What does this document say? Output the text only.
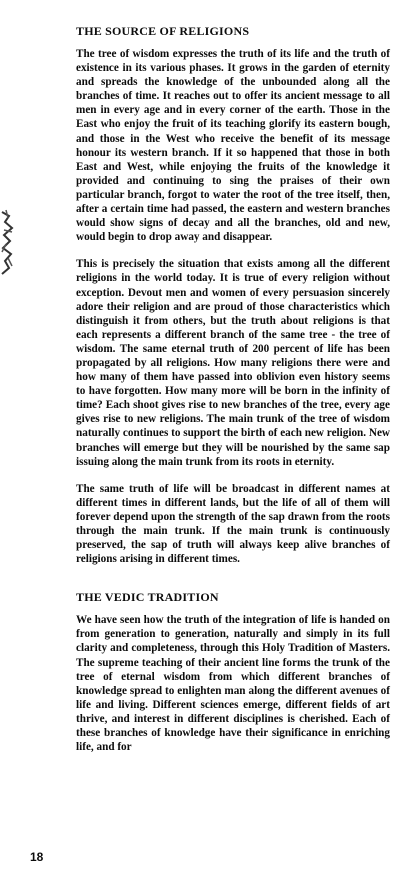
THE SOURCE OF RELIGIONS

The tree of wisdom expresses the truth of its life and the truth of existence in its various phases. It grows in the garden of eternity and spreads the knowledge of the unbounded along all the branches of time. It reaches out to offer its ancient message to all men in every age and in every corner of the earth. Those in the East who enjoy the fruit of its teaching glorify its eastern bough, and those in the West who receive the benefit of its message honour its western branch. If it so happened that those in both East and West, while enjoying the fruits of the knowledge it provided and continuing to sing the praises of their own particular branch, forgot to water the root of the tree itself, then, after a certain time had passed, the eastern and western branches would show signs of decay and all the branches, old and new, would begin to drop away and disappear.

This is precisely the situation that exists among all the different religions in the world today. It is true of every religion without exception. Devout men and women of every persuasion sincerely adore their religion and are proud of those characteristics which distinguish it from others, but the truth about religions is that each represents a different branch of the same tree - the tree of wisdom. The same eternal truth of 200 percent of life has been propagated by all religions. How many religions there were and how many of them have passed into oblivion even history seems to have forgotten. How many more will be born in the infinity of time? Each shoot gives rise to new branches of the tree, every age gives rise to new religions. The main trunk of the tree of wisdom naturally continues to support the birth of each new religion. New branches will emerge but they will be nourished by the same sap issuing along the main trunk from its roots in eternity.

The same truth of life will be broadcast in different names at different times in different lands, but the life of all of them will forever depend upon the strength of the sap drawn from the roots through the main trunk. If the main trunk is continuously preserved, the sap of truth will always keep alive branches of religions arising in different times.

THE VEDIC TRADITION

We have seen how the truth of the integration of life is handed on from generation to generation, naturally and simply in its full clarity and completeness, through this Holy Tradition of Masters. The supreme teaching of their ancient line forms the trunk of the tree of eternal wisdom from which different branches of knowledge spread to enlighten man along the different avenues of life and living. Different sciences emerge, different fields of art thrive, and interest in different disciplines is cherished. Each of these branches of knowledge have their significance in enriching life, and for

18
